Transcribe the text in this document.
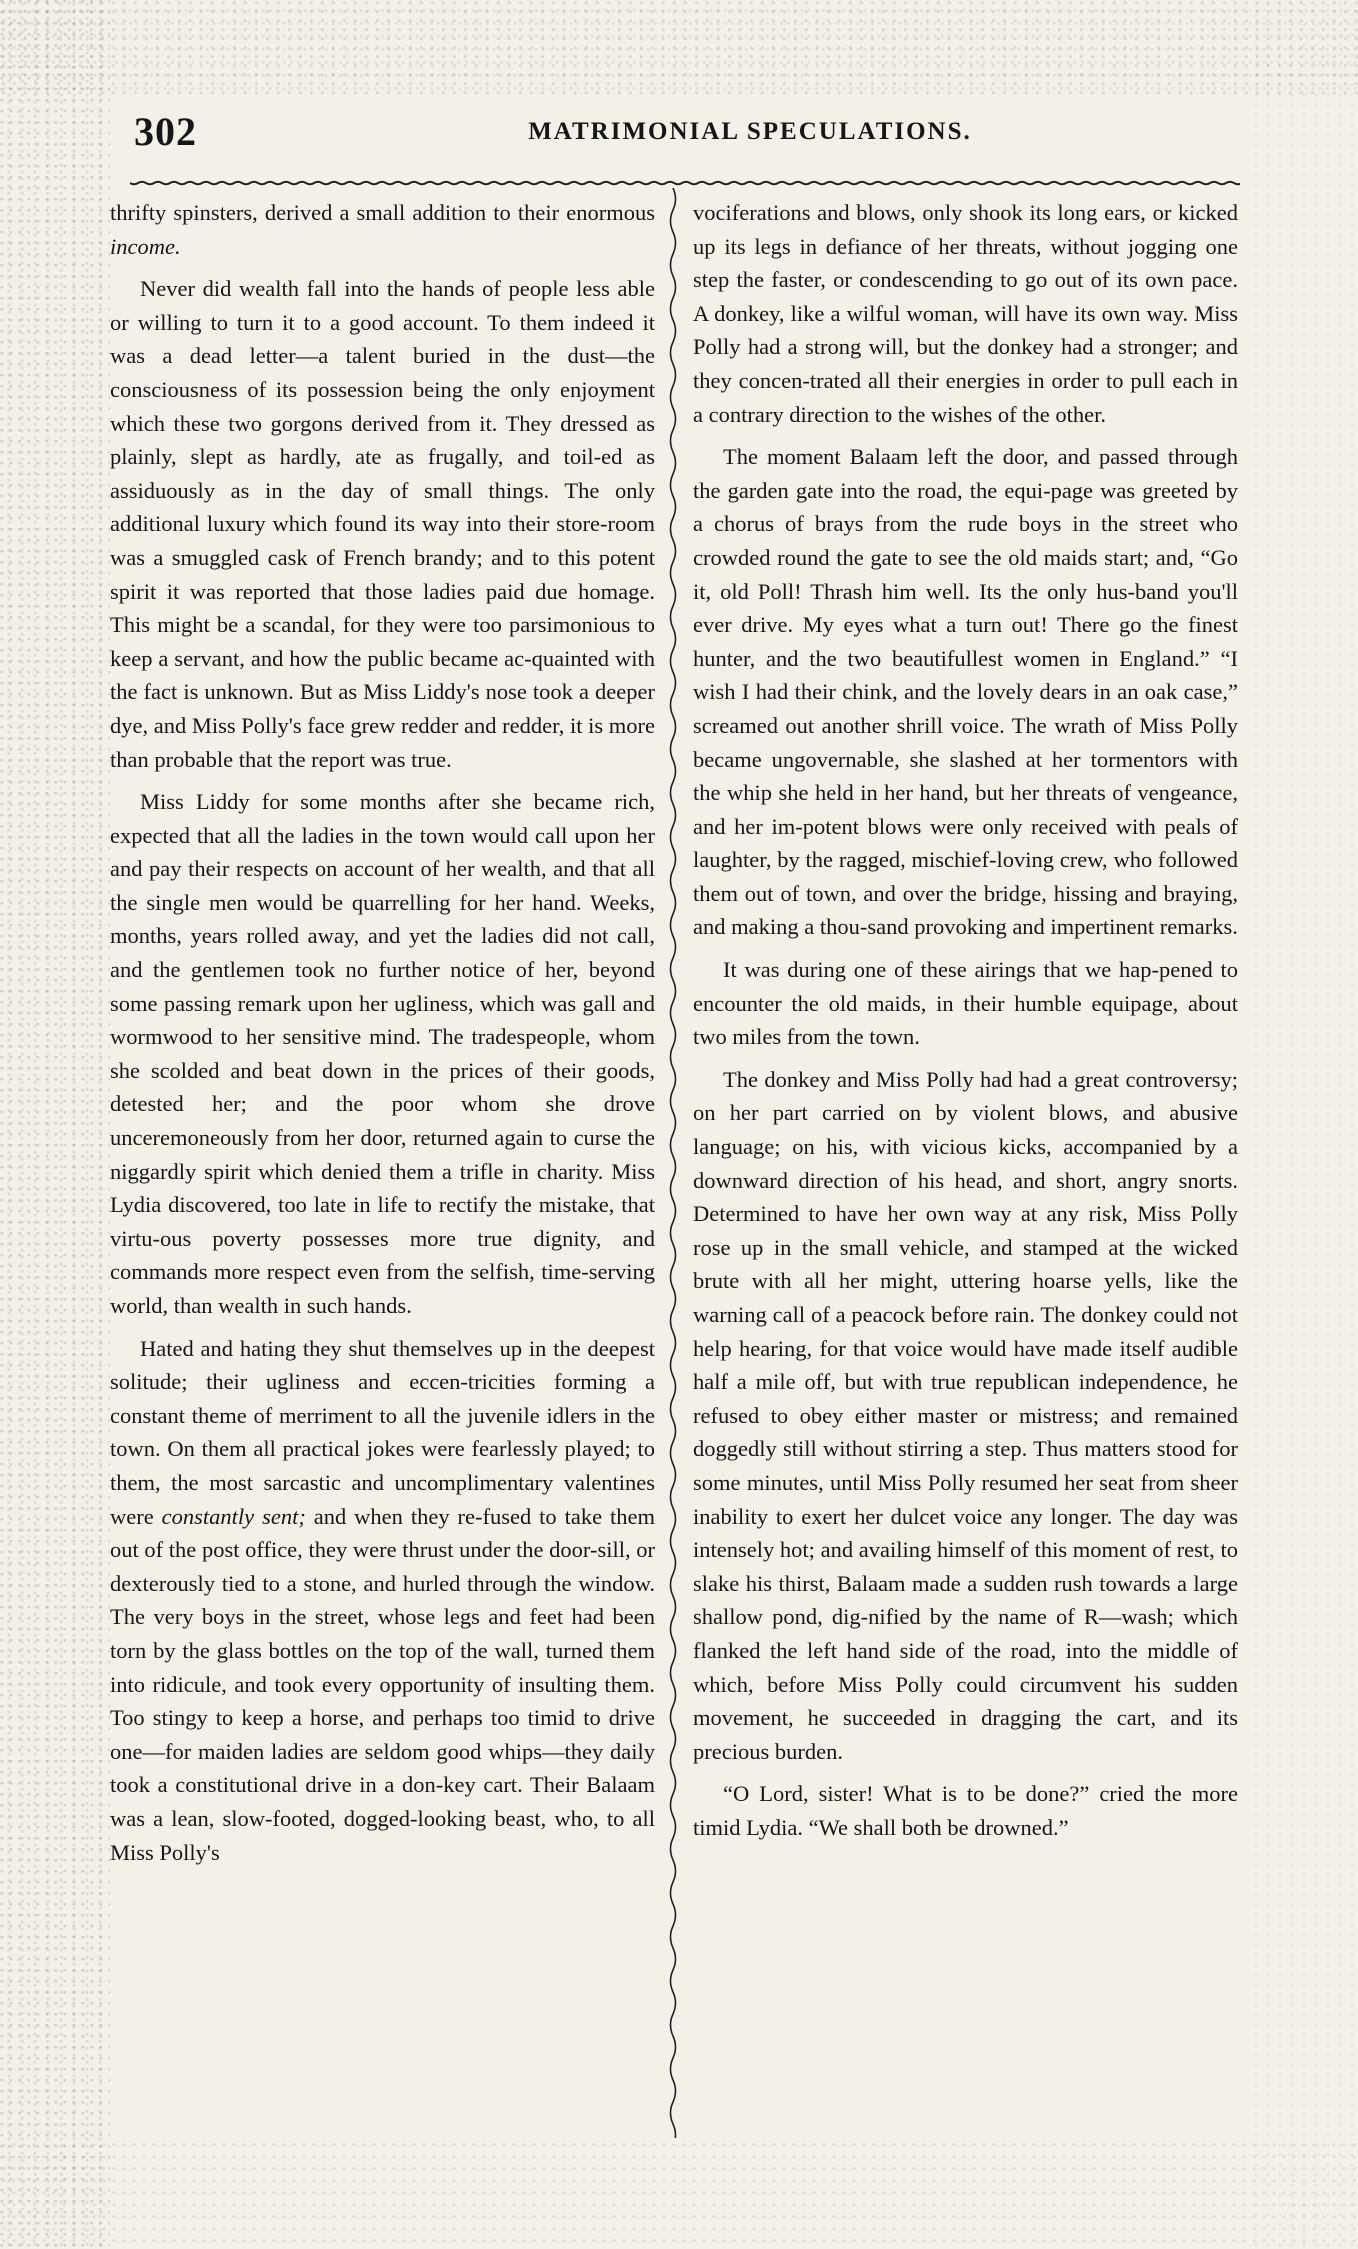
302	MATRIMONIAL SPECULATIONS.

thrifty spinsters, derived a small addition to their enormous income.

Never did wealth fall into the hands of people less able or willing to turn it to a good account. To them indeed it was a dead letter—a talent buried in the dust—the consciousness of its possession being the only enjoyment which these two gorgons derived from it. They dressed as plainly, slept as hardly, ate as frugally, and toil-ed as assiduously as in the day of small things. The only additional luxury which found its way into their store-room was a smuggled cask of French brandy; and to this potent spirit it was reported that those ladies paid due homage. This might be a scandal, for they were too parsimonious to keep a servant, and how the public became ac-quainted with the fact is unknown. But as Miss Liddy's nose took a deeper dye, and Miss Polly's face grew redder and redder, it is more than probable that the report was true.

Miss Liddy for some months after she became rich, expected that all the ladies in the town would call upon her and pay their respects on account of her wealth, and that all the single men would be quarrelling for her hand. Weeks, months, years rolled away, and yet the ladies did not call, and the gentlemen took no further notice of her, beyond some passing remark upon her ugliness, which was gall and wormwood to her sensitive mind. The tradespeople, whom she scolded and beat down in the prices of their goods, detested her; and the poor whom she drove unceremoneously from her door, returned again to curse the niggardly spirit which denied them a trifle in charity. Miss Lydia discovered, too late in life to rectify the mistake, that virtu-ous poverty possesses more true dignity, and commands more respect even from the selfish, time-serving world, than wealth in such hands.

Hated and hating they shut themselves up in the deepest solitude; their ugliness and eccen-tricities forming a constant theme of merriment to all the juvenile idlers in the town. On them all practical jokes were fearlessly played; to them, the most sarcastic and uncomplimentary valentines were constantly sent; and when they re-fused to take them out of the post office, they were thrust under the door-sill, or dexterously tied to a stone, and hurled through the window. The very boys in the street, whose legs and feet had been torn by the glass bottles on the top of the wall, turned them into ridicule, and took every opportunity of insulting them. Too stingy to keep a horse, and perhaps too timid to drive one—for maiden ladies are seldom good whips—they daily took a constitutional drive in a don-key cart. Their Balaam was a lean, slow-footed, dogged-looking beast, who, to all Miss Polly's

vociferations and blows, only shook its long ears, or kicked up its legs in defiance of her threats, without jogging one step the faster, or condescending to go out of its own pace. A donkey, like a wilful woman, will have its own way. Miss Polly had a strong will, but the donkey had a stronger; and they concen-trated all their energies in order to pull each in a contrary direction to the wishes of the other.

The moment Balaam left the door, and passed through the garden gate into the road, the equi-page was greeted by a chorus of brays from the rude boys in the street who crowded round the gate to see the old maids start; and, “Go it, old Poll! Thrash him well. Its the only hus-band you'll ever drive. My eyes what a turn out! There go the finest hunter, and the two beautifullest women in England.” “I wish I had their chink, and the lovely dears in an oak case,” screamed out another shrill voice. The wrath of Miss Polly became ungovernable, she slashed at her tormentors with the whip she held in her hand, but her threats of vengeance, and her im-potent blows were only received with peals of laughter, by the ragged, mischief-loving crew, who followed them out of town, and over the bridge, hissing and braying, and making a thou-sand provoking and impertinent remarks.

It was during one of these airings that we hap-pened to encounter the old maids, in their humble equipage, about two miles from the town.

The donkey and Miss Polly had had a great controversy; on her part carried on by violent blows, and abusive language; on his, with vicious kicks, accompanied by a downward direction of his head, and short, angry snorts. Determined to have her own way at any risk, Miss Polly rose up in the small vehicle, and stamped at the wicked brute with all her might, uttering hoarse yells, like the warning call of a peacock before rain. The donkey could not help hearing, for that voice would have made itself audible half a mile off, but with true republican independence, he refused to obey either master or mistress; and remained doggedly still without stirring a step. Thus matters stood for some minutes, until Miss Polly resumed her seat from sheer inability to exert her dulcet voice any longer. The day was intensely hot; and availing himself of this moment of rest, to slake his thirst, Balaam made a sudden rush towards a large shallow pond, dig-nified by the name of R—wash; which flanked the left hand side of the road, into the middle of which, before Miss Polly could circumvent his sudden movement, he succeeded in dragging the cart, and its precious burden.

“O Lord, sister! What is to be done?” cried the more timid Lydia. “We shall both be drowned.”
